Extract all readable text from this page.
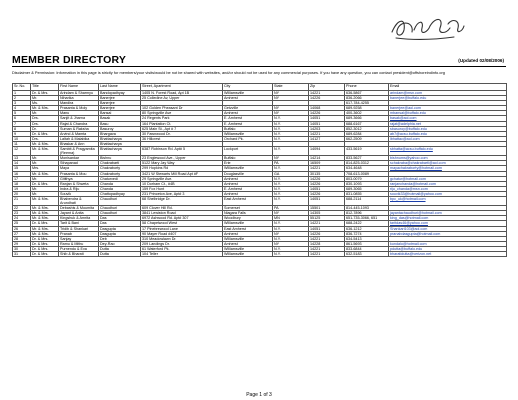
MEMBER DIRECTORY	(Updated 02/08/2006)
Disclaimer & Permission: Information in this page is strictly for members/your visits/would be not be shared with websites, and/or should not be used for any commercial purposes. If you have any question, you can contact president@offshoreindinfo.org
Sr. No.	Title	First Name	Last Name	Street, Apartment	City	State	Zip	Phone	Email
1	Dr. & Mrs.	Arindam & Sharmyu	Bandopadhyay	1405 N. Forest Road, Apt 1B	Williamsville	NY	14221	636-5867	arindam@msn.com
2	Mr.	Niharika	Banerjee	25 Colledine Av, Upper	Amherst	NY	14226	836-2066	banerjee@buffalo.edu
3	Ms.	Mandira	Banerjee					617-784-4255	
4	Mr. & Mrs.	Prasanta & Moly	Banerjee	102 Golden Pheasant Dr	Getzville	NY	14068	689-9258	banerjee@aol.com
5	Mr.	Manu	Bansal	80 Springville Ave	Amherst	NY	14226	400-3602	mbansal@buffalo.edu
6	Drs.	Sanjit & Jharna	Basak	24 Regents Park	E. Amherst	N.Y.	14051	689-3666	basak@aol.com
7	Drs.	Rajat & Chandra	Basu	164 Plantation Ct.	E. Amherst	N.Y.	14051	688-6167	rajat@adelphia.net
8	Dr.	Suman & Raksha	Basuroy	625 Main St., Apt # 7	Buffalo	N.Y.	14203	852-3012	sbasuroy@buffalo.edu
9	Dr. & Mrs.	Arvind & Mamta	Bhargava	30 Fawnwood Dr.	Williamsville	N.Y.	14221	689-6284	ab7@acsu.buffalo.edu
10	Drs.	Laltah & Malabika	Bhattacharya	36 Hillcrest	Orchard Pk.	N.Y.	14127	662-2509	lbhattac@aol.com
11	Mr. & Mrs.	Bhaskar & Ann	Bhattacharya						
12	Mr. & Mrs.	Sambit & Pragyamita (Reema)	Bhattacharya	6387 Robinson Rd. Apt# 5	Lockport	N.Y.	14094	433-5619	sbhatta@acsu.buffalo.edu
13	Mr.	Monisankar	Bishnu	23 Englewood Ave., Upper	Buffalo	NY	14214	833-5627	bishnums@yahoo.com
14	Mr.	Sthapanad	Chakrabarti	5122 Mary Jay Way	Erie	PA	16509	814-825-0312	schakraba@chakrabarti@aol.com
15	Mrs.	Maya	Chakraborty	299 Hopkins Rd	Williamsville	N.Y.	14221	634-4648	mayachakraborty@hotmail.com
16	Mr. & Mrs.	Prasanta & Mou	Chakraborty	3421 W Stewarts Mill Road Apt #F	Douglasville	GA	30135	708-613-0089	
17	Mr.	Gitithya	Chaturvedi	29 Springville Ave.	Amherst	N.Y.	14226	803-0079	gchatur@hotmail.com
18	Dr. & Mrs.	Ranjan & Shweta	Chanda	10 Dorham Ct., #4B	Amherst	N.Y.	14226	830-1093	ranjanchanda@hotmail.com
19	Mr.	Indra & Riju	Chanda	159 Fox Hunt	E. Amherst	N.Y.	14051	689-3065	riju_chanda@msn.com
20	Mr.	Souvik	Chattopadhyay	231 Princeton Ave, Apt# 3	Amherst	N.Y.	14226	831-0855	souvik33@hotmail@yahoo.com
21	Mr. & Mrs.	Bhabendra & Arundhati	Chaudhuri	68 Shelbridge Dr.	East Amherst	N.Y.	14051	688-2114	bpc_uk@hotmail.com
22	Mr. & Mrs.	Debashis & Moumita	Chaudhuri	609 Clover Hill Rd.	Somerset	PA	15501	814-445-1093	
23	Mr. & Mrs.	Jayant & Anita	Chaudhuri	3841 Lewiston Road	Niagara Falls	NY	14305	812-7896	jayantachaudhuri@hotmail.com
24	Mr. & Mrs.	Kingshuk & Amrita	Das	6972 Ashwood Rd. Apt# 307	Woodbury	MN	55125	651-735-3066, 651	king_das@hotmail.com
25	Dr. & Mrs.	Tarit & Bani	Das	58 Chapelwood West	Williamsville	N.Y.	14221	688-2422	taritdas46@yahoo.com
26	Mr. & Mrs.	Tridib & Shankari	Dasgupta	17 Pinebrewood Lane	East Amherst	N.Y.	14051	636-1212	Shankari103@aol.com
27	Mr. & Mrs.	Pranab	Dasgupta	90 Mayer Road #407	Amherst	NY	14226	836-7274	pranabdasgupta@hotmail.com
28	Dr. & Mrs.	Sanjay	Deb	310 Meadowlawn Dr.	Williamsville	N.Y.	14221	634-5413	
29	Dr. & Mrs.	Ramu & Mithu	Dey-Rao	209 Landings Dr.	Amherst	NY	14228	861-5693	kundalo@hotmail.com
30	Dr. & Mrs.	Purnendu & Eva	Dutta	61 Waterford Pk.	Williamsville	N.Y.	14221	833-6844	pdutta@buffalo.edu
31	Dr. & Mrs.	Shib & Bharati	Dutta	104 Teller	Williamsville	N.Y.	14221	632-5183	bharatidutta@verizon.net
Page 1 of 3
